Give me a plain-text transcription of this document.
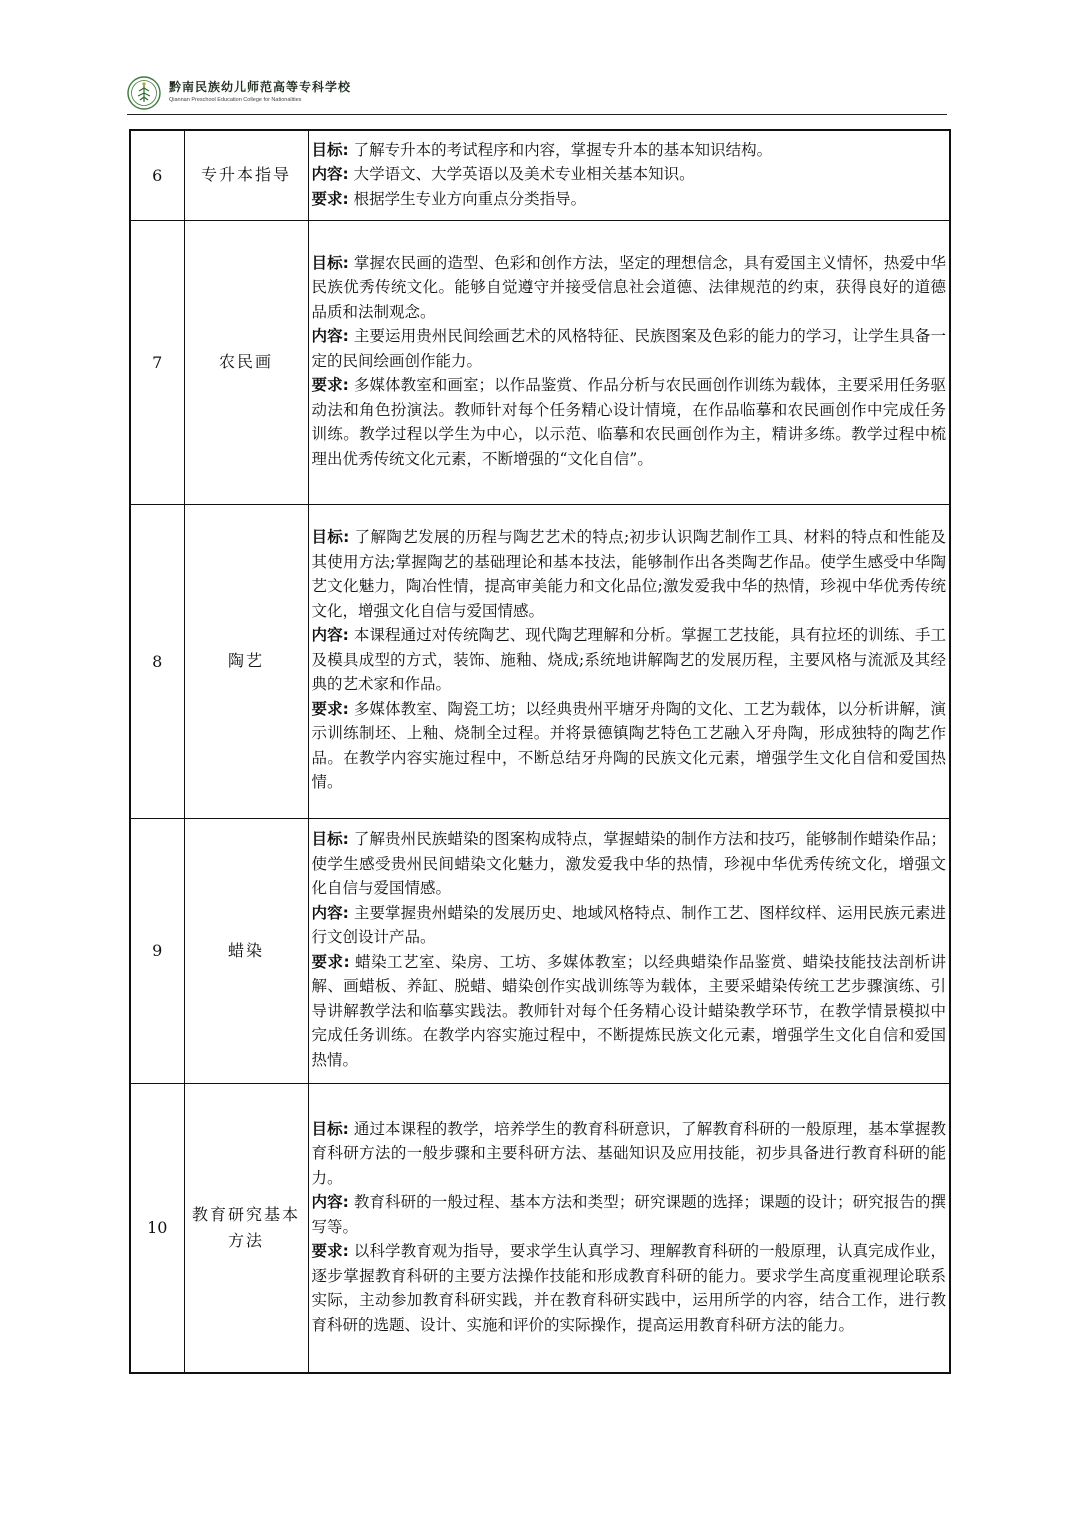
黔南民族幼儿师范高等专科学校
Qiannan Preschool Education College for Nationalities
6	专升本指导	目标: 了解专升本的考试程序和内容，掌握专升本的基本知识结构。

内容: 大学语文、大学英语以及美术专业相关基本知识。

要求: 根据学生专业方向重点分类指导。

7	农民画	目标: 掌握农民画的造型、色彩和创作方法，坚定的理想信念，具有爱国主义情怀，热爱中华民族优秀传统文化。能够自觉遵守并接受信息社会道德、法律规范的约束，获得良好的道德品质和法制观念。

内容: 主要运用贵州民间绘画艺术的风格特征、民族图案及色彩的能力的学习，让学生具备一定的民间绘画创作能力。

要求: 多媒体教室和画室；以作品鉴赏、作品分析与农民画创作训练为载体，主要采用任务驱动法和角色扮演法。教师针对每个任务精心设计情境，在作品临摹和农民画创作中完成任务训练。教学过程以学生为中心，以示范、临摹和农民画创作为主，精讲多练。教学过程中梳理出优秀传统文化元素，不断增强的“文化自信”。

8	陶艺	目标: 了解陶艺发展的历程与陶艺艺术的特点;初步认识陶艺制作工具、材料的特点和性能及其使用方法;掌握陶艺的基础理论和基本技法，能够制作出各类陶艺作品。使学生感受中华陶艺文化魅力，陶冶性情，提高审美能力和文化品位;激发爱我中华的热情，珍视中华优秀传统文化，增强文化自信与爱国情感。

内容: 本课程通过对传统陶艺、现代陶艺理解和分析。掌握工艺技能，具有拉坯的训练、手工及模具成型的方式，装饰、施釉、烧成;系统地讲解陶艺的发展历程，主要风格与流派及其经典的艺术家和作品。

要求: 多媒体教室、陶瓷工坊；以经典贵州平塘牙舟陶的文化、工艺为载体，以分析讲解，演示训练制坯、上釉、烧制全过程。并将景德镇陶艺特色工艺融入牙舟陶，形成独特的陶艺作品。在教学内容实施过程中，不断总结牙舟陶的民族文化元素，增强学生文化自信和爱国热情。

9	蜡染	目标: 了解贵州民族蜡染的图案构成特点，掌握蜡染的制作方法和技巧，能够制作蜡染作品；使学生感受贵州民间蜡染文化魅力，激发爱我中华的热情，珍视中华优秀传统文化，增强文化自信与爱国情感。

内容: 主要掌握贵州蜡染的发展历史、地域风格特点、制作工艺、图样纹样、运用民族元素进行文创设计产品。

要求: 蜡染工艺室、染房、工坊、多媒体教室；以经典蜡染作品鉴赏、蜡染技能技法剖析讲解、画蜡板、养缸、脱蜡、蜡染创作实战训练等为载体，主要采蜡染传统工艺步骤演练、引导讲解教学法和临摹实践法。教师针对每个任务精心设计蜡染教学环节，在教学情景模拟中完成任务训练。在教学内容实施过程中，不断提炼民族文化元素，增强学生文化自信和爱国热情。

10	教育研究基本方法	目标: 通过本课程的教学，培养学生的教育科研意识，了解教育科研的一般原理，基本掌握教育科研方法的一般步骤和主要科研方法、基础知识及应用技能，初步具备进行教育科研的能力。

内容: 教育科研的一般过程、基本方法和类型；研究课题的选择；课题的设计；研究报告的撰写等。

要求: 以科学教育观为指导，要求学生认真学习、理解教育科研的一般原理，认真完成作业，逐步掌握教育科研的主要方法操作技能和形成教育科研的能力。要求学生高度重视理论联系实际，主动参加教育科研实践，并在教育科研实践中，运用所学的内容，结合工作，进行教育科研的选题、设计、实施和评价的实际操作，提高运用教育科研方法的能力。
